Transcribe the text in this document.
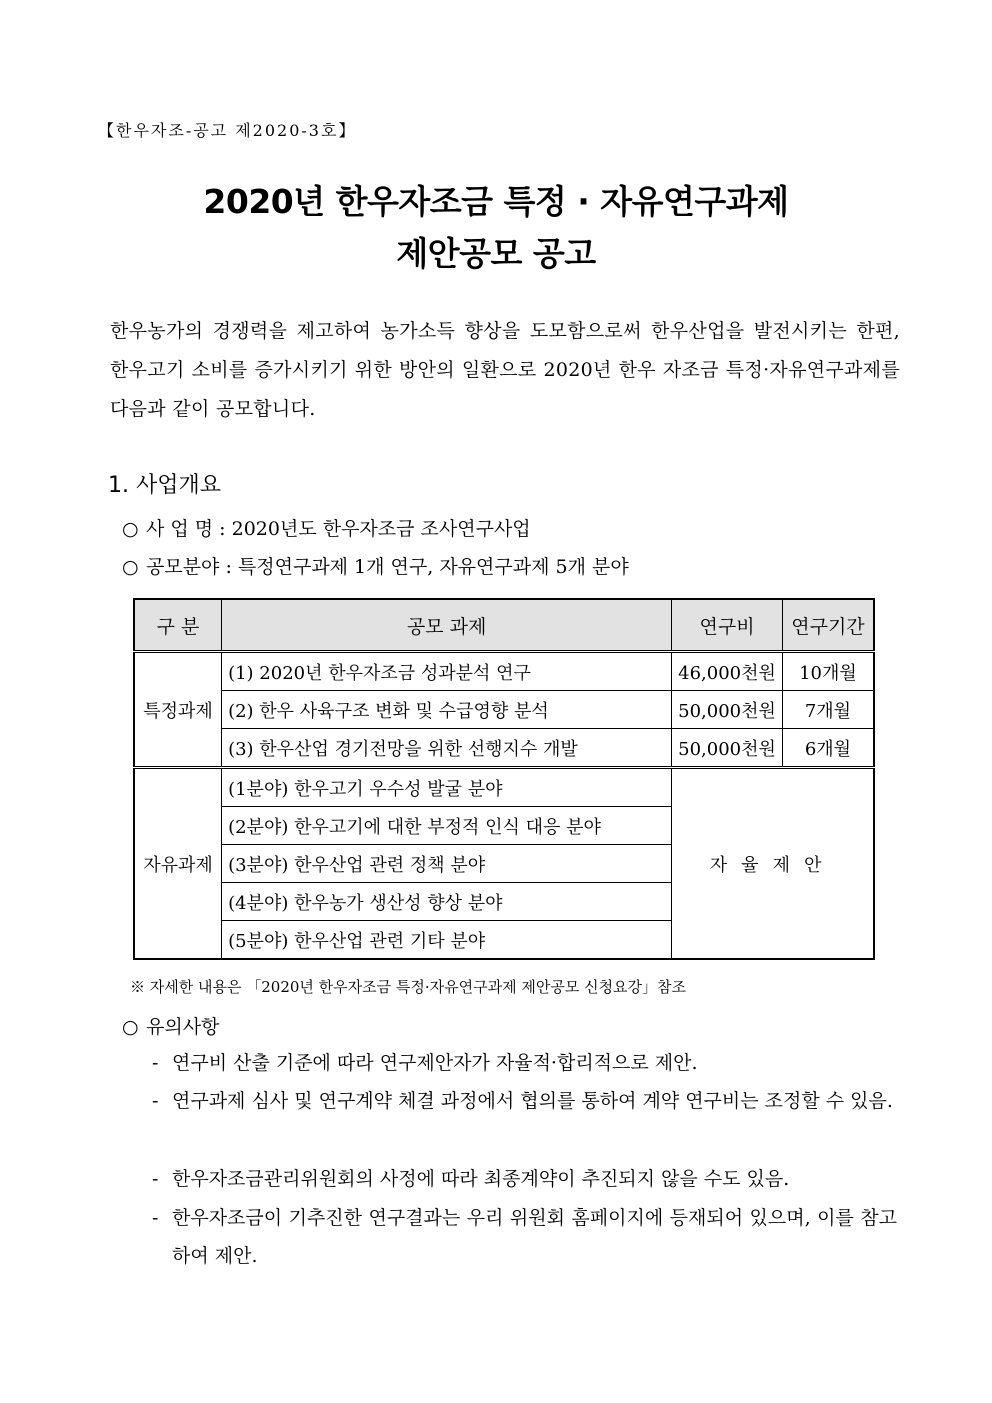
【한우자조-공고 제2020-3호】
2020년 한우자조금 특정 · 자유연구과제
제안공모 공고
한우농가의 경쟁력을 제고하여 농가소득 향상을 도모함으로써 한우산업을 발전시키는 한편, 한우고기 소비를 증가시키기 위한 방안의 일환으로 2020년 한우 자조금 특정·자유연구과제를 다음과 같이 공모합니다.
1. 사업개요
○ 사 업 명 : 2020년도 한우자조금 조사연구사업
○ 공모분야 : 특정연구과제 1개 연구, 자유연구과제 5개 분야
구 분	공모 과제	연구비	연구기간
특정과제	(1) 2020년 한우자조금 성과분석 연구	46,000천원	10개월
	(2) 한우 사육구조 변화 및 수급영향 분석	50,000천원	7개월
	(3) 한우산업 경기전망을 위한 선행지수 개발	50,000천원	6개월
자유과제	(1분야) 한우고기 우수성 발굴 분야	자율제안	
	(2분야) 한우고기에 대한 부정적 인식 대응 분야		
	(3분야) 한우산업 관련 정책 분야		
	(4분야) 한우농가 생산성 향상 분야		
	(5분야) 한우산업 관련 기타 분야		
※ 자세한 내용은 「2020년 한우자조금 특정·자유연구과제 제안공모 신청요강」참조
○ 유의사항
- 연구비 산출 기준에 따라 연구제안자가 자율적·합리적으로 제안.
- 연구과제 심사 및 연구계약 체결 과정에서 협의를 통하여 계약 연구비는 조정할 수 있음.
- 한우자조금관리위원회의 사정에 따라 최종계약이 추진되지 않을 수도 있음.
- 한우자조금이 기추진한 연구결과는 우리 위원회 홈페이지에 등재되어 있으며, 이를 참고하여 제안.
